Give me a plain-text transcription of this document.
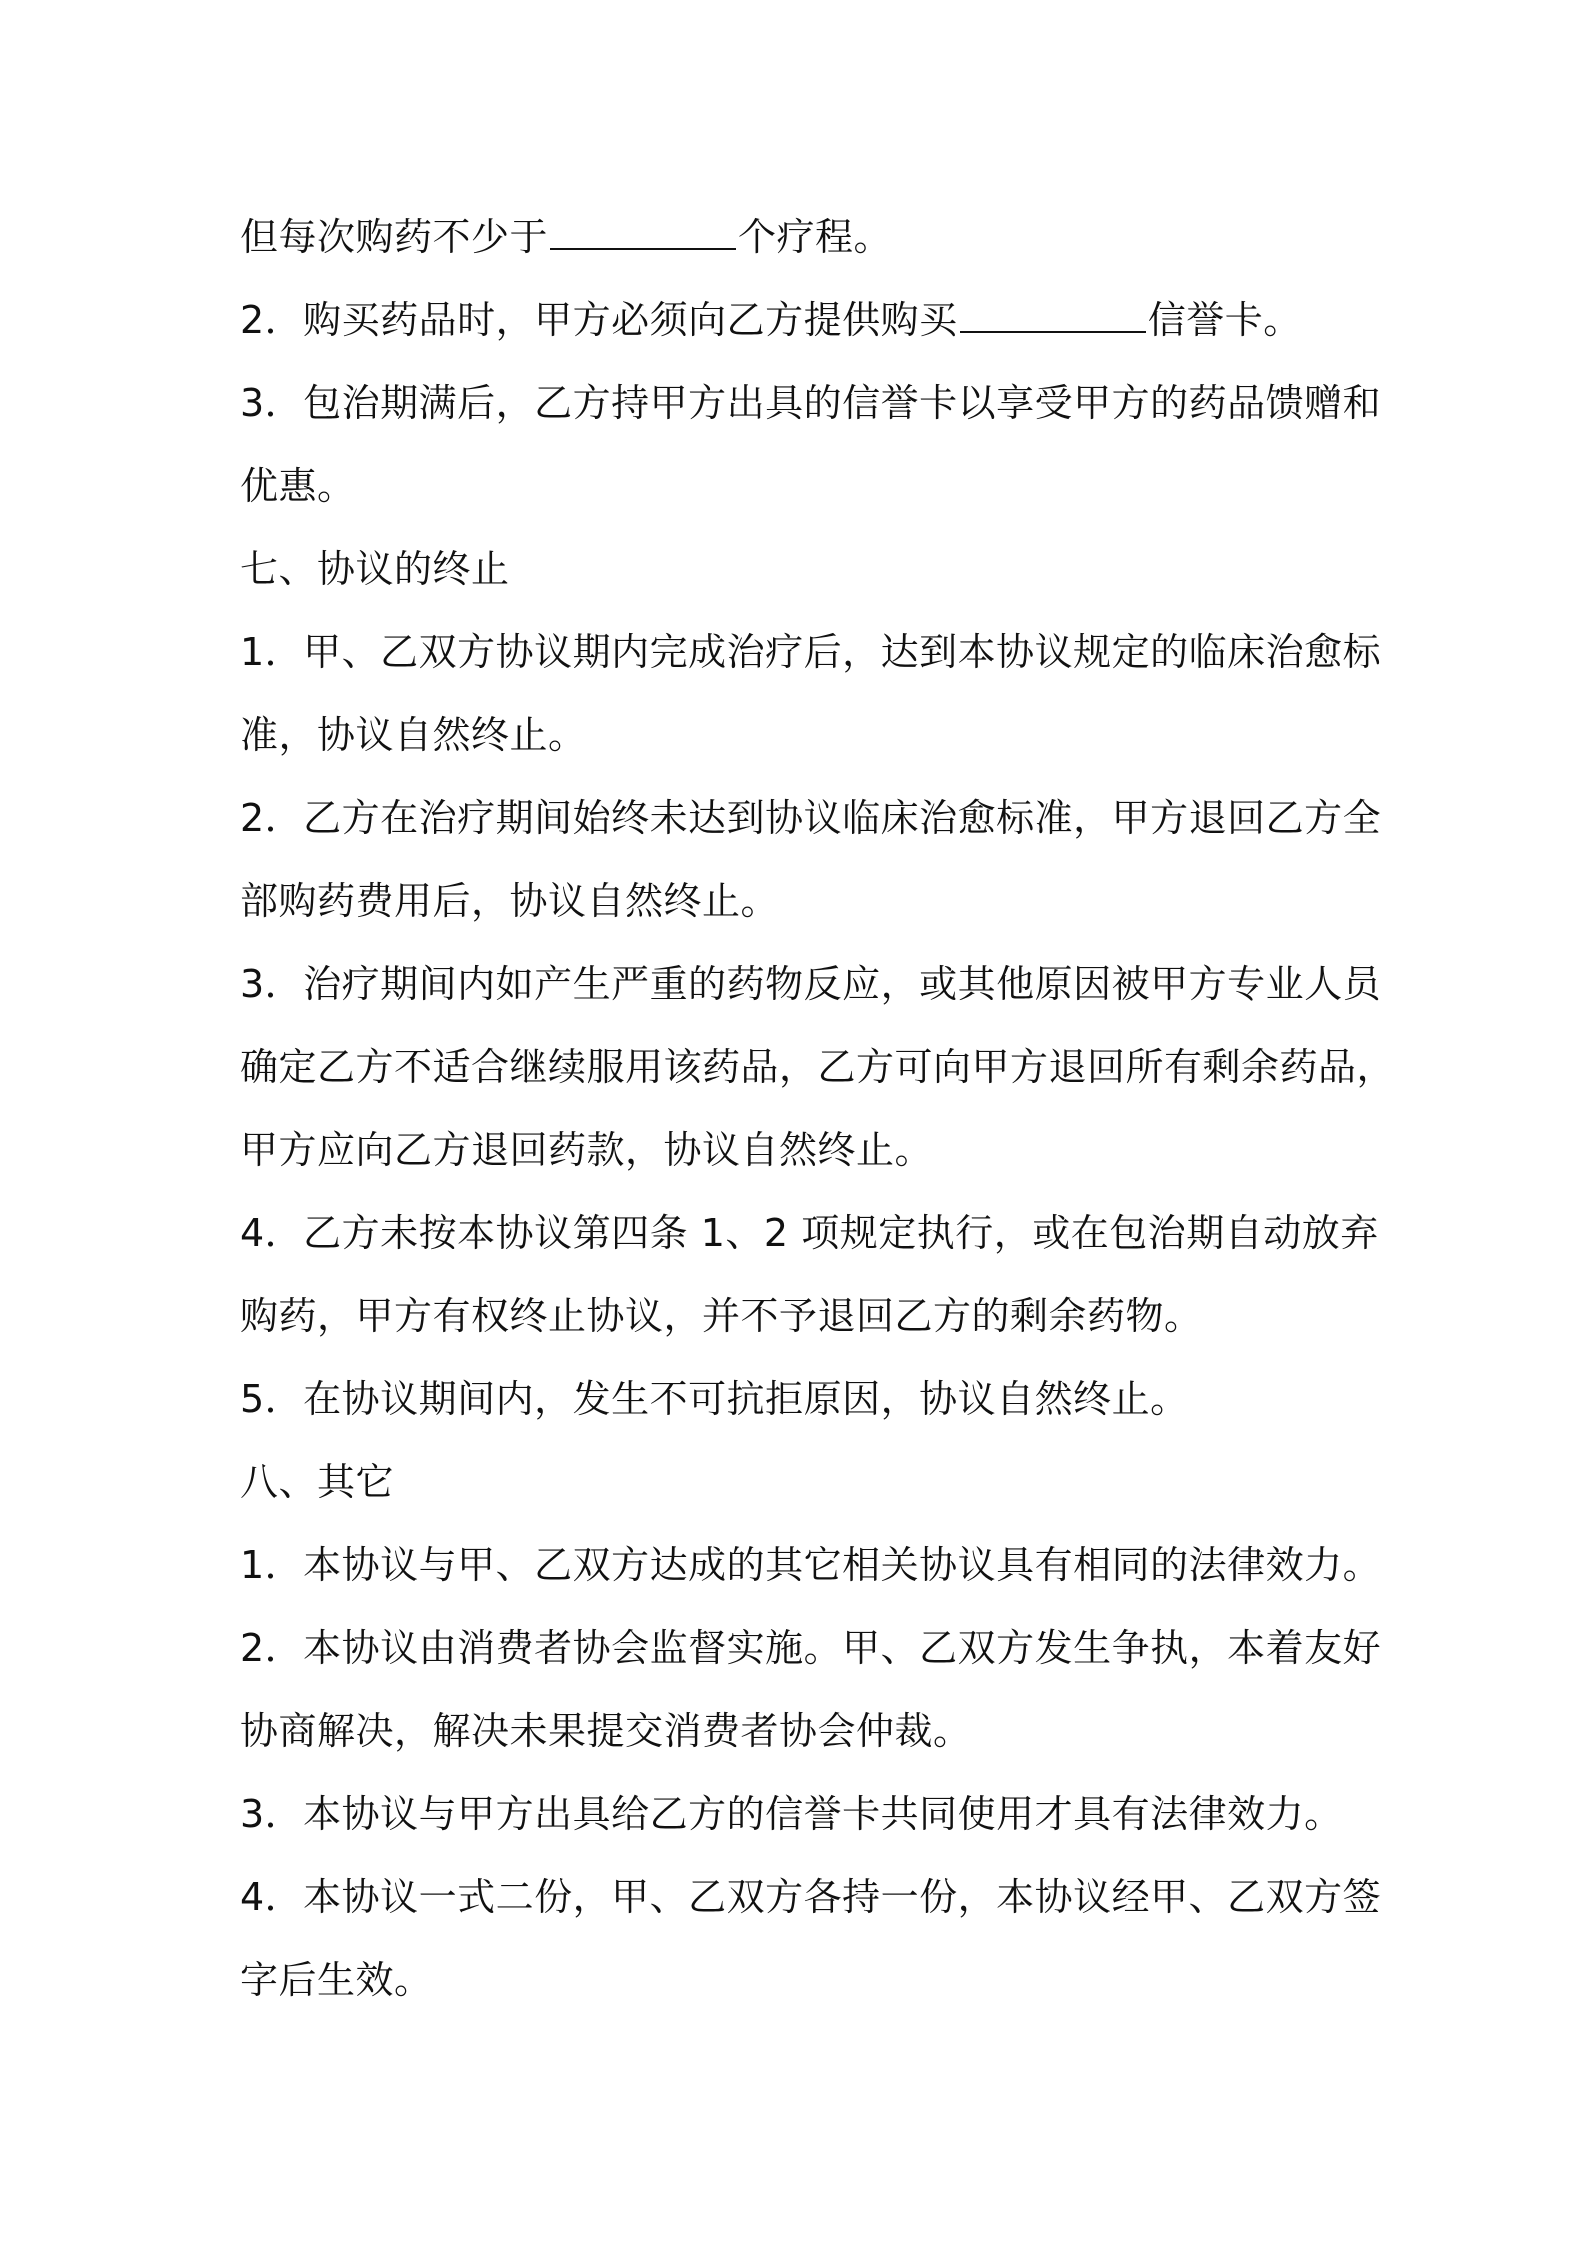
但每次购药不少于	个疗程。
2．购买药品时，甲方必须向乙方提供购买	信誉卡。
3．包治期满后，乙方持甲方出具的信誉卡以享受甲方的药品馈赠和
优惠。
七、协议的终止
1．甲、乙双方协议期内完成治疗后，达到本协议规定的临床治愈标
准，协议自然终止。
2．乙方在治疗期间始终未达到协议临床治愈标准，甲方退回乙方全
部购药费用后，协议自然终止。
3．治疗期间内如产生严重的药物反应，或其他原因被甲方专业人员
确定乙方不适合继续服用该药品，乙方可向甲方退回所有剩余药品，
甲方应向乙方退回药款，协议自然终止。
4．乙方未按本协议第四条 1、2 项规定执行，或在包治期自动放弃
购药，甲方有权终止协议，并不予退回乙方的剩余药物。
5．在协议期间内，发生不可抗拒原因，协议自然终止。
八、其它
1．本协议与甲、乙双方达成的其它相关协议具有相同的法律效力。
2．本协议由消费者协会监督实施。甲、乙双方发生争执，本着友好
协商解决，解决未果提交消费者协会仲裁。
3．本协议与甲方出具给乙方的信誉卡共同使用才具有法律效力。
4．本协议一式二份，甲、乙双方各持一份，本协议经甲、乙双方签
字后生效。
